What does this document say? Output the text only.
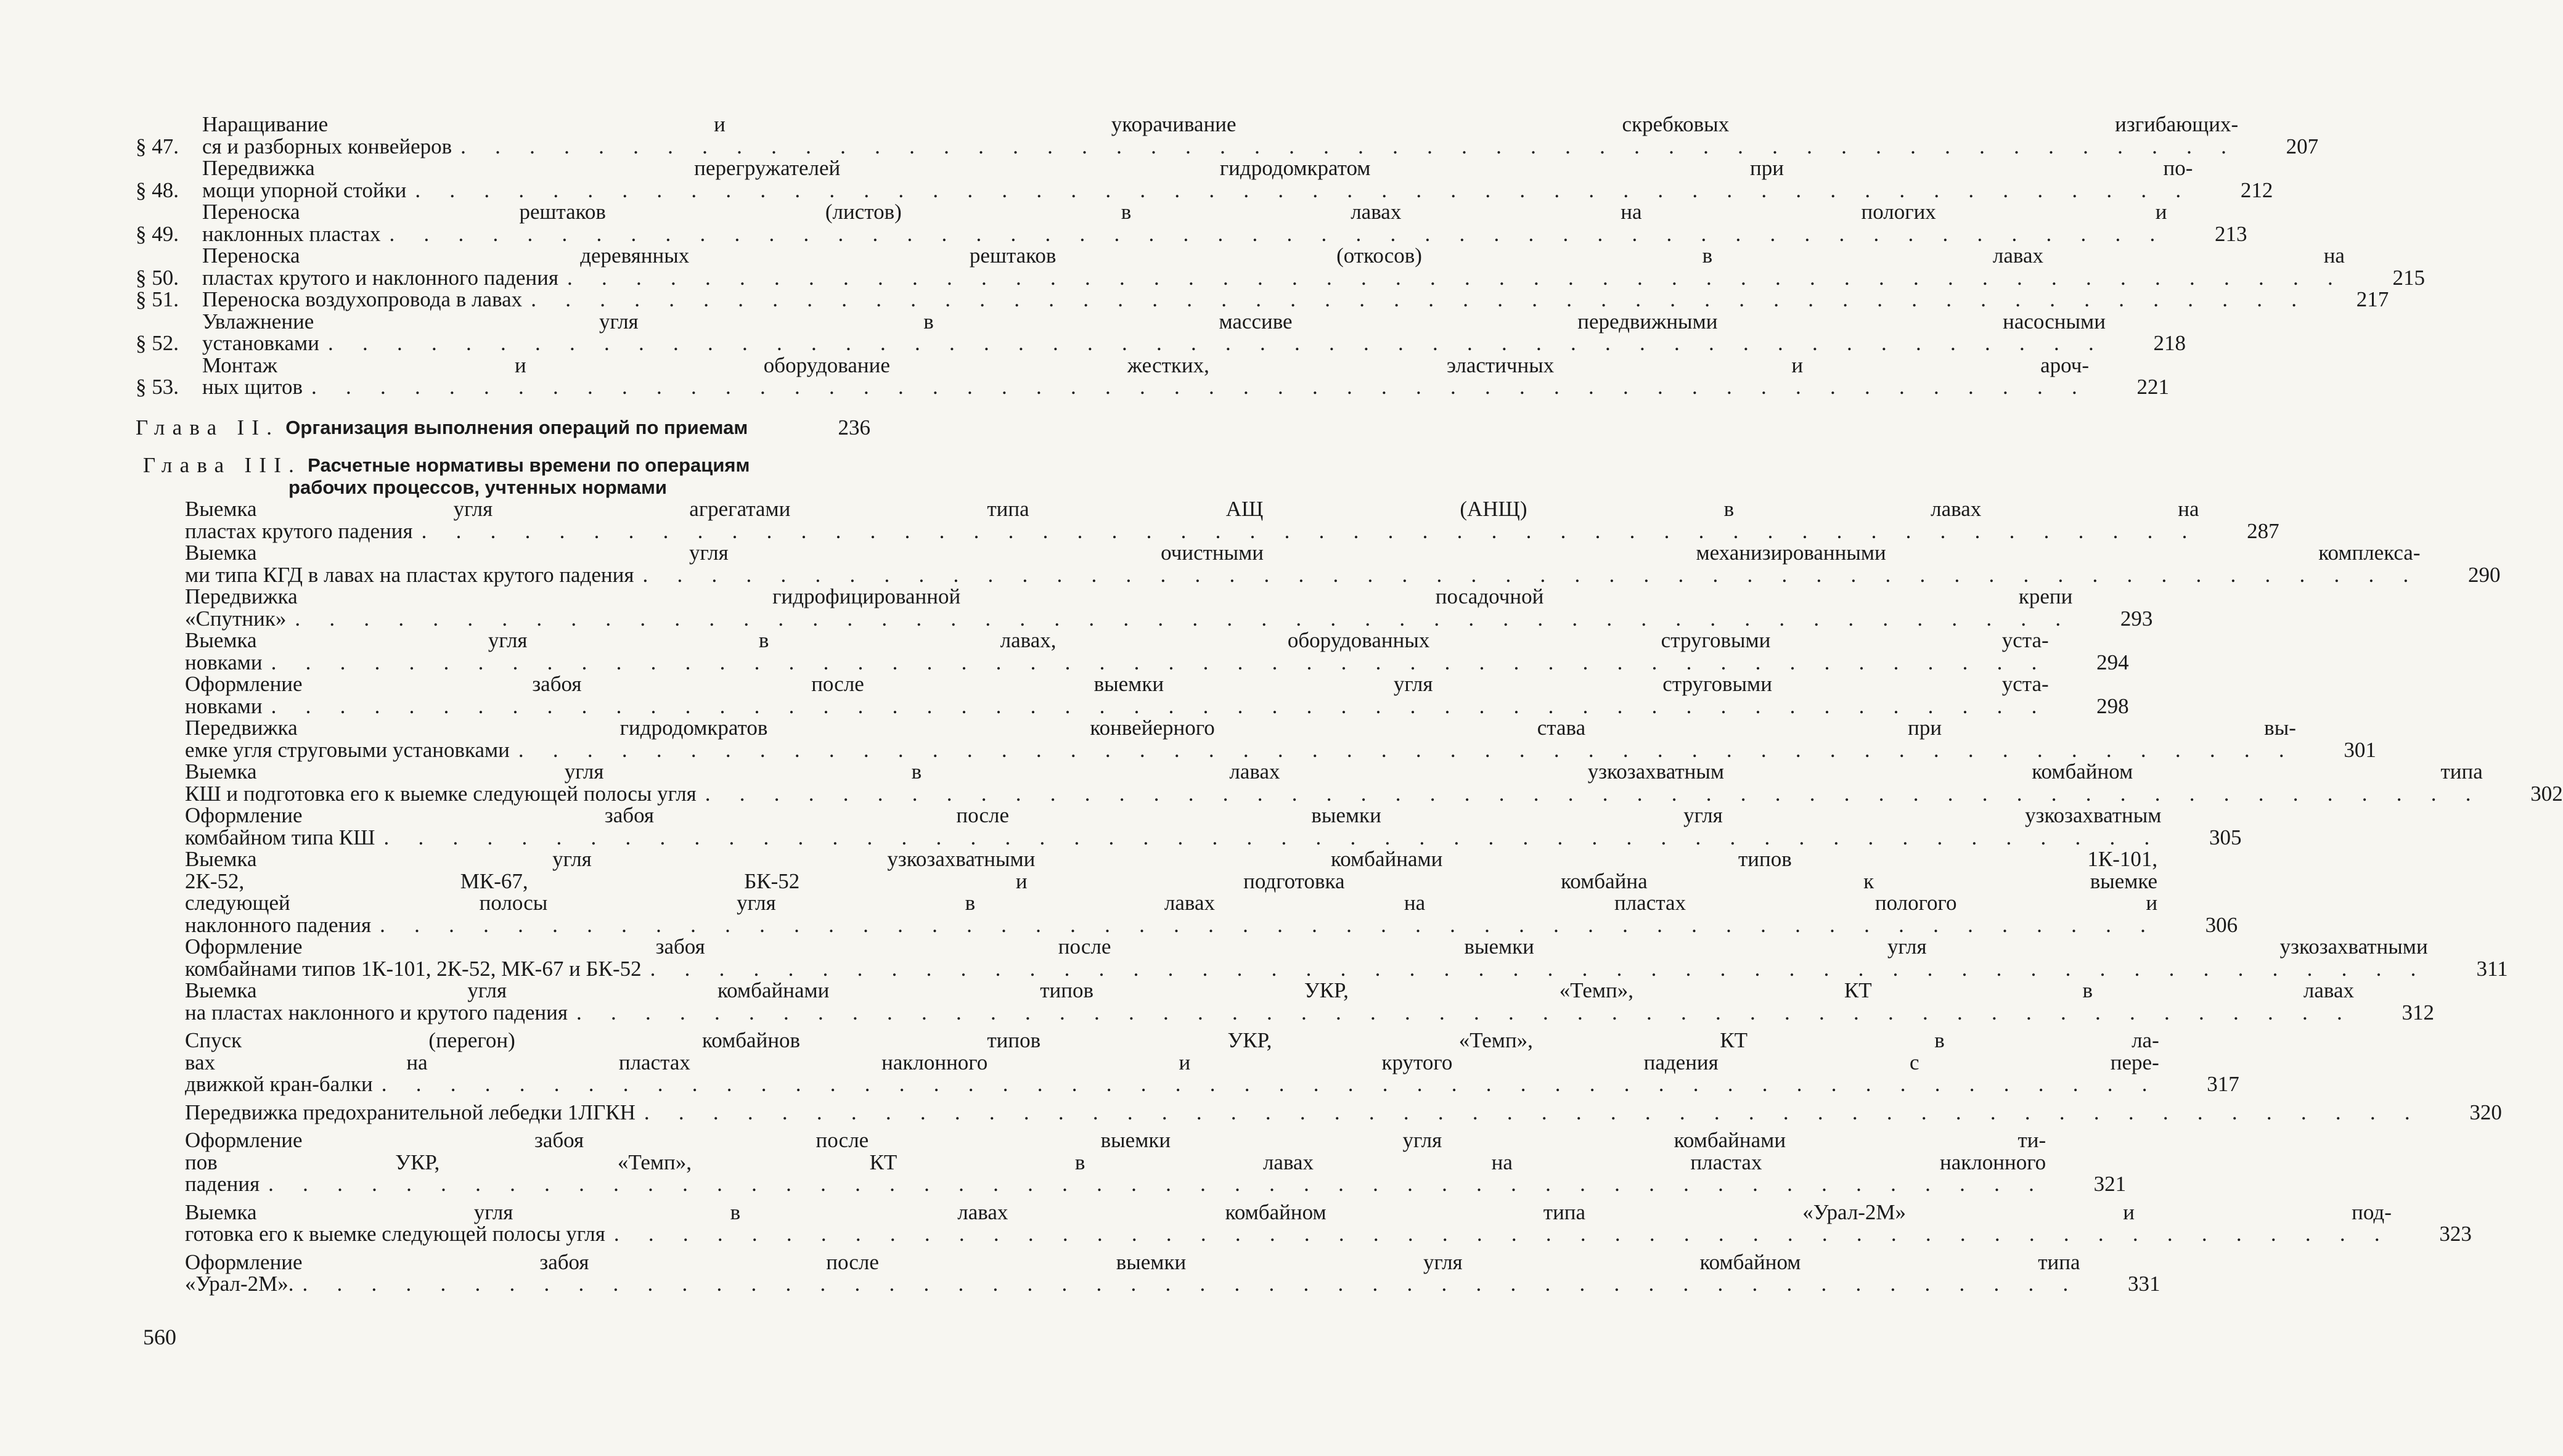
§ 47.
Наращивание и укорачивание скребковых изгибающих-
ся и разборных конвейеров . . . . . . . . . . . . . . . . . . . . . . . . . . . . . . . . . . . . . . . . . . . . . . . . . . . .	207
§ 48.
Передвижка перегружателей гидродомкратом при по-
мощи упорной стойки . . . . . . . . . . . . . . . . . . . . . . . . . . . . . . . . . . . . . . . . . . . . . . . . . . . .	212
§ 49.
Переноска рештаков (листов) в лавах на пологих и
наклонных пластах . . . . . . . . . . . . . . . . . . . . . . . . . . . . . . . . . . . . . . . . . . . . . . . . . . . .	213
§ 50.
Переноска деревянных рештаков (откосов) в лавах на
пластах крутого и наклонного падения . . . . . . . . . . . . . . . . . . . . . . . . . . . . . . . . . . . . . . . . . . . . . . . . . . . .	215
§ 51.	Переноска воздухопровода в лавах . . . . . . . . . . . . . . . . . . . . . . . . . . . . . . . . . . . . . . . . . . . . . . . . . . . .	217
§ 52.
Увлажнение угля в массиве передвижными насосными
установками . . . . . . . . . . . . . . . . . . . . . . . . . . . . . . . . . . . . . . . . . . . . . . . . . . . .	218
§ 53.
Монтаж и оборудование жестких, эластичных и aроч-
ных щитов . . . . . . . . . . . . . . . . . . . . . . . . . . . . . . . . . . . . . . . . . . . . . . . . . . . .	221
Глава II. Организация выполнения операций по приемам	236
Глава III. Расчетные нормативы времени по операциям
рабочих процессов, учтенных нормами
Выемка угля агрегатами типа АЩ (АНЩ) в лавах на
пластах крутого падения . . . . . . . . . . . . . . . . . . . . . . . . . . . . . . . . . . . . . . . . . . . . . . . . . . . .	287
Выемка угля очистными механизированными комплекса-
ми типа КГД в лавах на пластах крутого падения . . . . . . . . . . . . . . . . . . . . . . . . . . . . . . . . . . . . . . . . . . . . . . . . . . . .	290
Передвижка гидрофицированной посадочной крепи
«Спутник» . . . . . . . . . . . . . . . . . . . . . . . . . . . . . . . . . . . . . . . . . . . . . . . . . . . .	293
Выемка угля в лавах, оборудованных струговыми уста-
новками . . . . . . . . . . . . . . . . . . . . . . . . . . . . . . . . . . . . . . . . . . . . . . . . . . . .	294
Оформление забоя после выемки угля струговыми уста-
новками . . . . . . . . . . . . . . . . . . . . . . . . . . . . . . . . . . . . . . . . . . . . . . . . . . . .	298
Передвижка гидродомкратов конвейерного става при вы-
емке угля струговыми установками . . . . . . . . . . . . . . . . . . . . . . . . . . . . . . . . . . . . . . . . . . . . . . . . . . . .	301
Выемка угля в лавах узкозахватным комбайном типа
КШ и подготовка его к выемке следующей полосы угля . . . . . . . . . . . . . . . . . . . . . . . . . . . . . . . . . . . . . . . . . . . . . . . . . . . .	302
Оформление забоя после выемки угля узкозахватным
комбайном типа КШ . . . . . . . . . . . . . . . . . . . . . . . . . . . . . . . . . . . . . . . . . . . . . . . . . . . .	305
Выемка угля узкозахватными комбайнами типов 1К-101,
2К-52, МК-67, БК-52 и подготовка комбайна к выемке
следующей полосы угля в лавах на пластах пологого и
наклонного падения . . . . . . . . . . . . . . . . . . . . . . . . . . . . . . . . . . . . . . . . . . . . . . . . . . . .	306
Оформление забоя после выемки угля узкозахватными
комбайнами типов 1К-101, 2К-52, МК-67 и БК-52 . . . . . . . . . . . . . . . . . . . . . . . . . . . . . . . . . . . . . . . . . . . . . . . . . . . .	311
Выемка угля комбайнами типов УКР, «Темп», КТ в лавах
на пластах наклонного и крутого падения . . . . . . . . . . . . . . . . . . . . . . . . . . . . . . . . . . . . . . . . . . . . . . . . . . . .	312
Спуск (перегон) комбайнов типов УКР, «Темп», КТ в ла-
вах на пластах наклонного и крутого падения с пере-
движкой кран-балки . . . . . . . . . . . . . . . . . . . . . . . . . . . . . . . . . . . . . . . . . . . . . . . . . . . .	317
Передвижка предохранительной лебедки 1ЛГКН . . . . . . . . . . . . . . . . . . . . . . . . . . . . . . . . . . . . . . . . . . . . . . . . . . . .	320
Оформление забоя после выемки угля комбайнами ти-
пов УКР, «Темп», КТ в лавах на пластах наклонного
падения . . . . . . . . . . . . . . . . . . . . . . . . . . . . . . . . . . . . . . . . . . . . . . . . . . . .	321
Выемка угля в лавах комбайном типа «Урал-2М» и под-
готовка его к выемке следующей полосы угля . . . . . . . . . . . . . . . . . . . . . . . . . . . . . . . . . . . . . . . . . . . . . . . . . . . .	323
Оформление забоя после выемки угля комбайном типа
«Урал-2М». . . . . . . . . . . . . . . . . . . . . . . . . . . . . . . . . . . . . . . . . . . . . . . . . . . . .	331
560
